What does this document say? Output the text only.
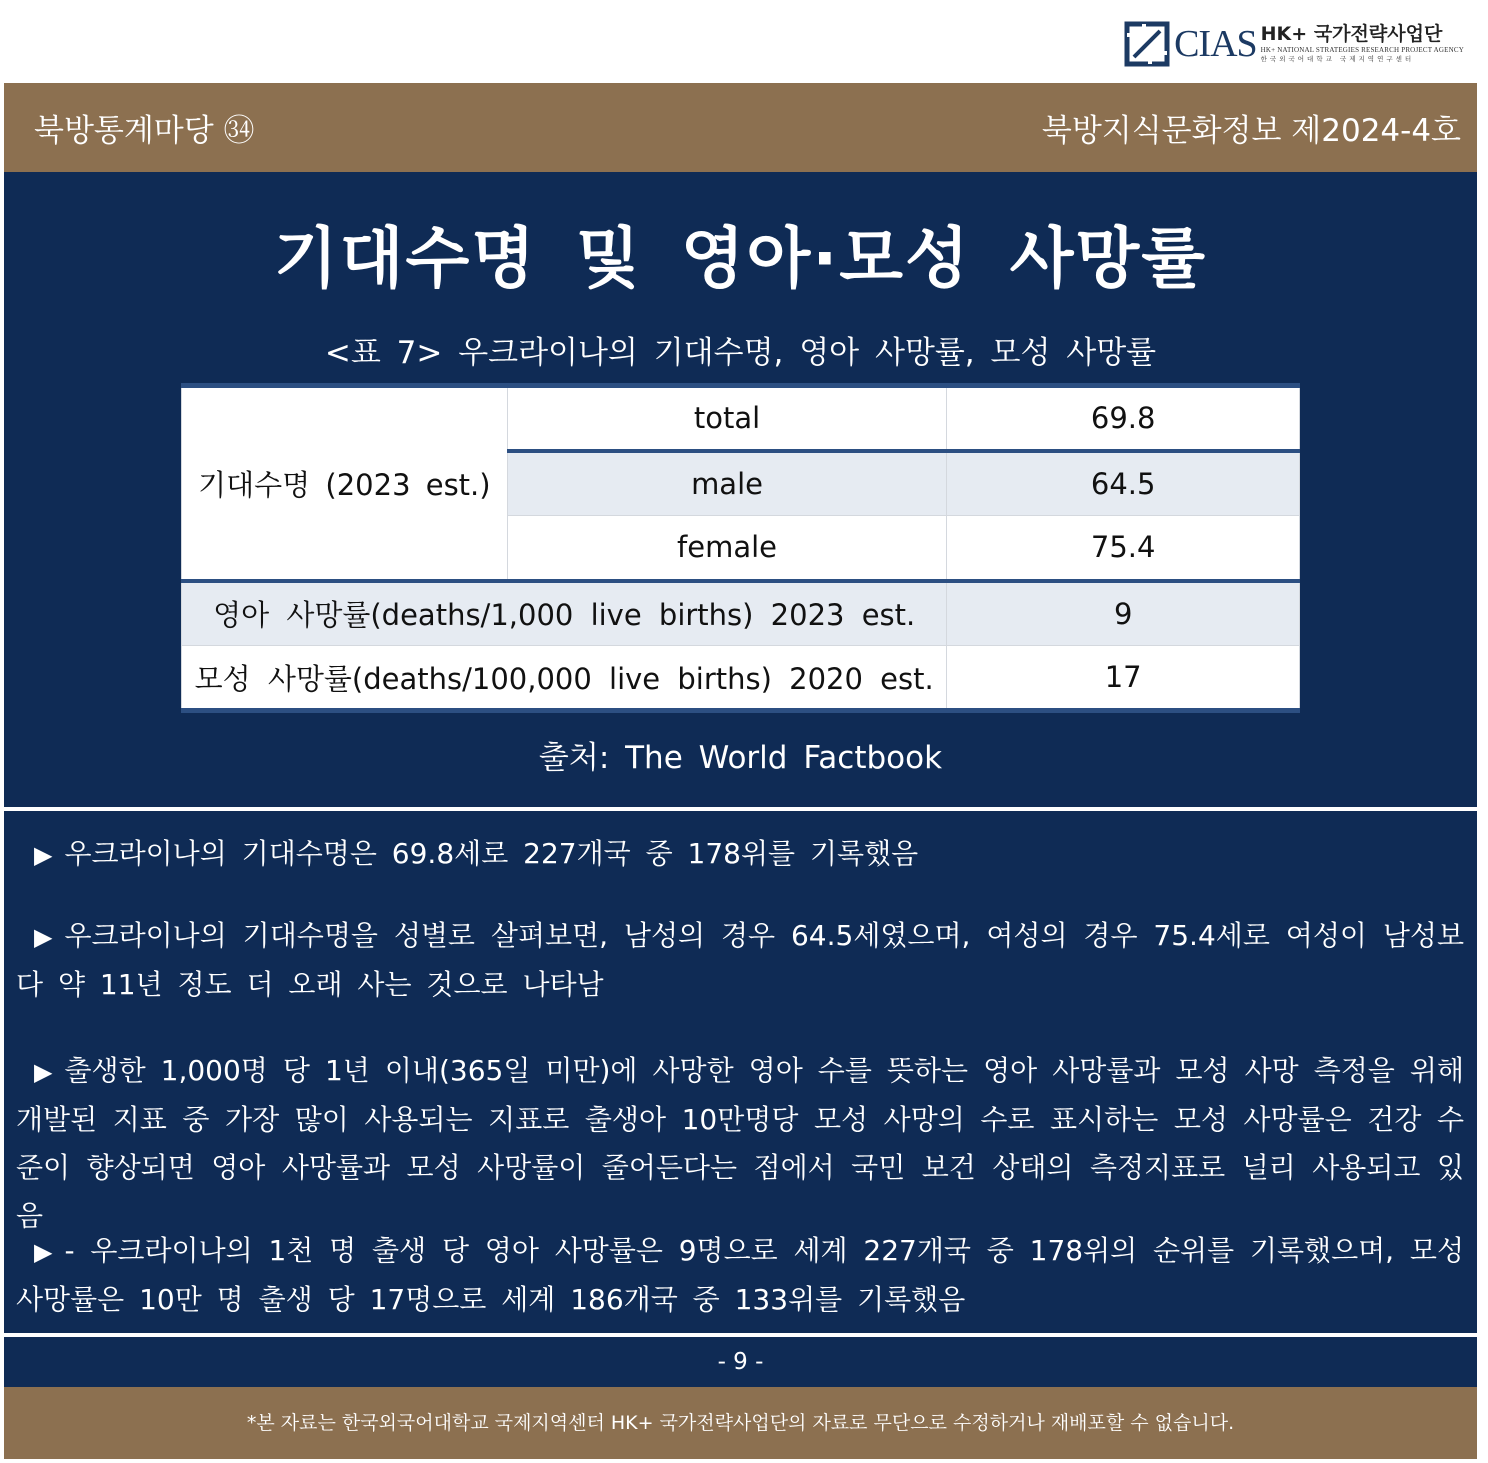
CIAS HK+ 국가전략사업단
HK+ NATIONAL STRATEGIES RESEARCH PROJECT AGENCY
한국외국어대학교 국제지역연구센터
북방통계마당 ㉞	북방지식문화정보 제2024-4호
기대수명 및 영아·모성 사망률
<표 7> 우크라이나의 기대수명, 영아 사망률, 모성 사망률
기대수명 (2023 est.)	total	69.8
	male	64.5
	female	75.4
영아 사망률(deaths/1,000 live births) 2023 est.		9
모성 사망률(deaths/100,000 live births) 2020 est.		17
출처: The World Factbook
▶ 우크라이나의 기대수명은 69.8세로 227개국 중 178위를 기록했음
▶ 우크라이나의 기대수명을 성별로 살펴보면, 남성의 경우 64.5세였으며, 여성의 경우 75.4세로 여성이 남성보다 약 11년 정도 더 오래 사는 것으로 나타남
▶ 출생한 1,000명 당 1년 이내(365일 미만)에 사망한 영아 수를 뜻하는 영아 사망률과 모성 사망 측정을 위해 개발된 지표 중 가장 많이 사용되는 지표로 출생아 10만명당 모성 사망의 수로 표시하는 모성 사망률은 건강 수준이 향상되면 영아 사망률과 모성 사망률이 줄어든다는 점에서 국민 보건 상태의 측정지표로 널리 사용되고 있음
▶ - 우크라이나의 1천 명 출생 당 영아 사망률은 9명으로 세계 227개국 중 178위의 순위를 기록했으며, 모성 사망률은 10만 명 출생 당 17명으로 세계 186개국 중 133위를 기록했음
- 9 -
*본 자료는 한국외국어대학교 국제지역센터 HK+ 국가전략사업단의 자료로 무단으로 수정하거나 재배포할 수 없습니다.
